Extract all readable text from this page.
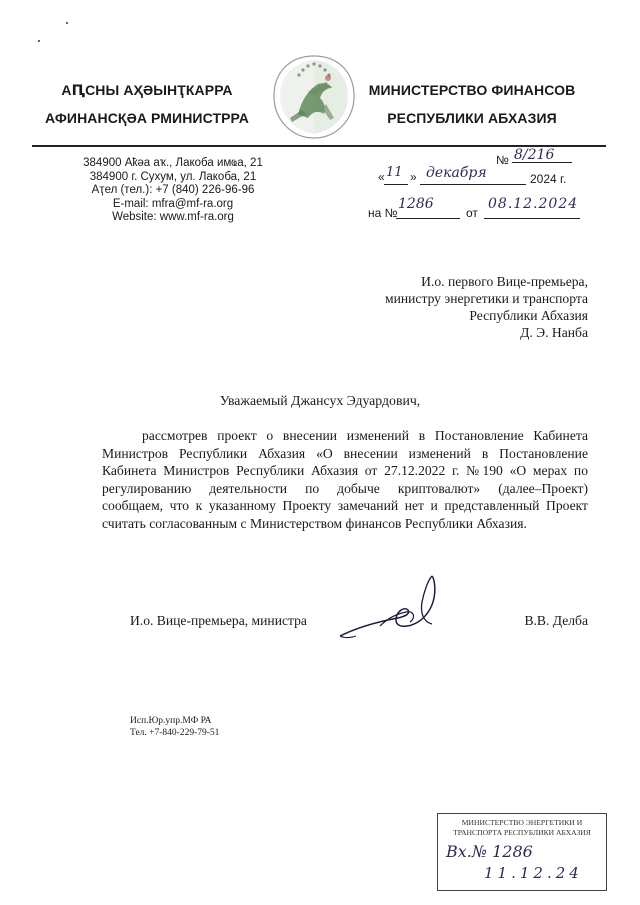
АԤСНЫ АҲӘЫНҬКАРРА
АФИНАНСҚӘА РМИНИСТРРА
МИНИСТЕРСТВО ФИНАНСОВ
РЕСПУБЛИКИ АБХАЗИЯ
384900 Аҟәа аҡ., Лакоба имҩа, 21
384900 г. Сухум, ул. Лакоба, 21
Аҭел (тел.): +7 (840) 226-96-96
E-mail: mfra@mf-ra.org
Website: www.mf-ra.org
№ 8/216
11
« » декабря	2024 г.
на №
1286
от
08.12.2024
И.о. первого Вице-премьера,
министру энергетики и транспорта
Республики Абхазия
Д. Э. Нанба
Уважаемый Джансух Эдуардович,
рассмотрев проект о внесении изменений в Постановление Кабинета
Министров Республики Абхазия «О внесении изменений в Постановление
Кабинета Министров Республики Абхазия от 27.12.2022 г. №190 «О мерах по
регулированию деятельности по добыче криптовалют» (далее–Проект)
сообщаем, что к указанному Проекту замечаний нет и представленный Проект
считать согласованным с Министерством финансов Республики Абхазия.
И.о. Вице-премьера, министра	В.В. Делба
Исп.Юр.упр.МФ РА
Тел. +7-840-229-79-51
МИНИСТЕРСТВО ЭНЕРГЕТИКИ И
ТРАНСПОРТА РЕСПУБЛИКИ АБХАЗИЯ
Вх.№ 1286
11.12.24
